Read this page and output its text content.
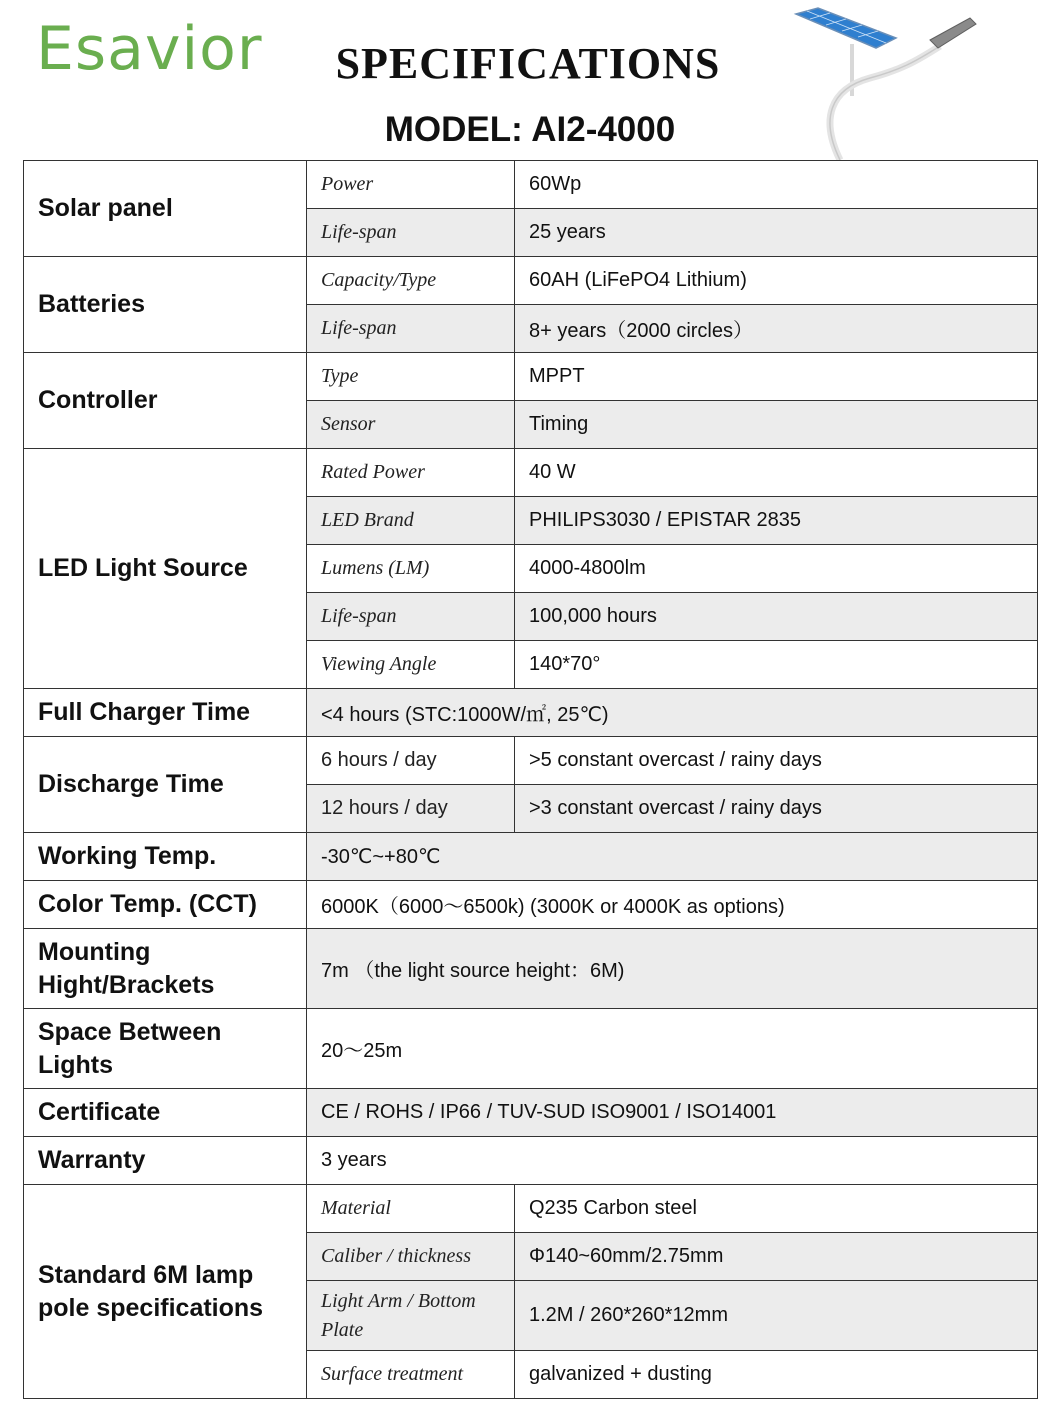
Esavior	SPECIFICATIONS
MODEL: AI2-4000
Solar panel	Power	60Wp
	Life-span	25 years
Batteries	Capacity/Type	60AH (LiFePO4 Lithium)
	Life-span	8+ years（2000 circles）
Controller	Type	MPPT
	Sensor	Timing
LED Light Source	Rated Power	40 W
	LED Brand	PHILIPS3030 / EPISTAR 2835
	Lumens (LM)	4000-4800lm
	Life-span	100,000 hours
	Viewing Angle	140*70°
Full Charger Time	<4 hours (STC:1000W/㎡, 25℃)	
Discharge Time	6 hours / day	>5 constant overcast / rainy days
	12 hours / day	>3 constant overcast / rainy days
Working Temp.	-30℃~+80℃	
Color Temp. (CCT)	6000K（6000～6500k) (3000K or 4000K as options)	
Mounting Hight/Brackets	7m （the light source height：6M)	
Space Between Lights	20～25m	
Certificate	CE / ROHS / IP66 / TUV-SUD ISO9001 / ISO14001	
Warranty	3 years	
Standard 6M lamp pole specifications	Material	Q235 Carbon steel
	Caliber / thickness	Φ140~60mm/2.75mm
	Light Arm / Bottom Plate	1.2M / 260*260*12mm
	Surface treatment	galvanized + dusting
